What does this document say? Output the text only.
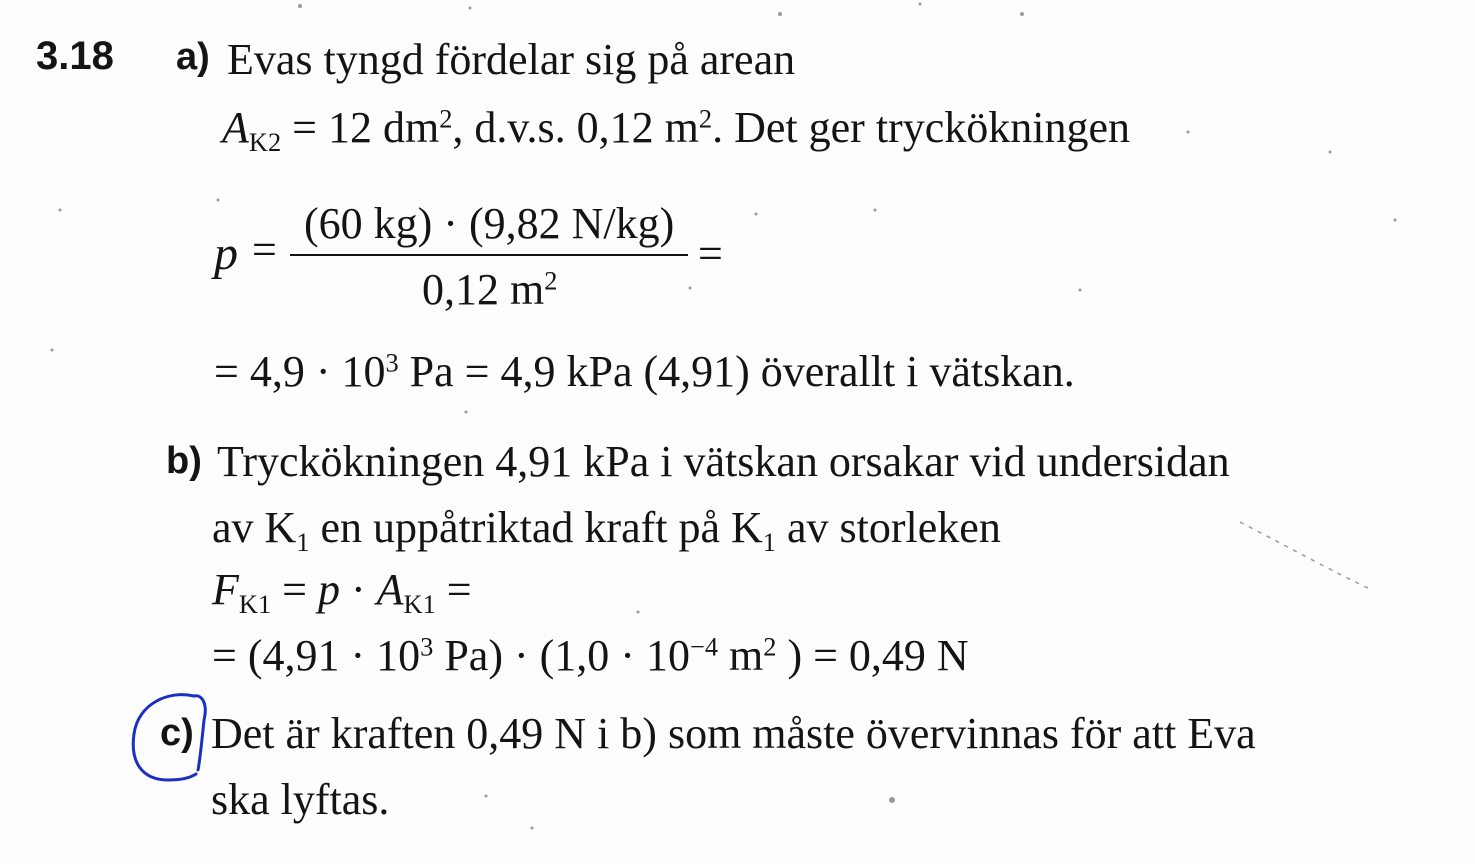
3.18 a) Evas tyngd fördelar sig på arean
$A_{K2} = 12$ $dm^2$, d.v.s. 0,12 $m^2$. Det ger tryckökningen
p =
(60 kg) · (9,82 N/kg)
0,12 $m^2$
=
= $4,9 \cdot 10^3$ Pa = 4,9 kPa (4,91) överallt i vätskan.
b) Tryckökningen 4,91 kPa i vätskan orsakar vid undersidan
av $K_1$ en uppåtriktad kraft på $K_1$ av storleken
$F_{K1} = p \cdot A_{K1}$ =
= ($4,91 \cdot 10^3$ $Pa) \cdot (1,0 \cdot 10^{-4}$ $m^2$ ) = 0,49 N
c) Det är kraften 0,49 N i b) som måste övervinnas för att Eva
ska lyftas.
